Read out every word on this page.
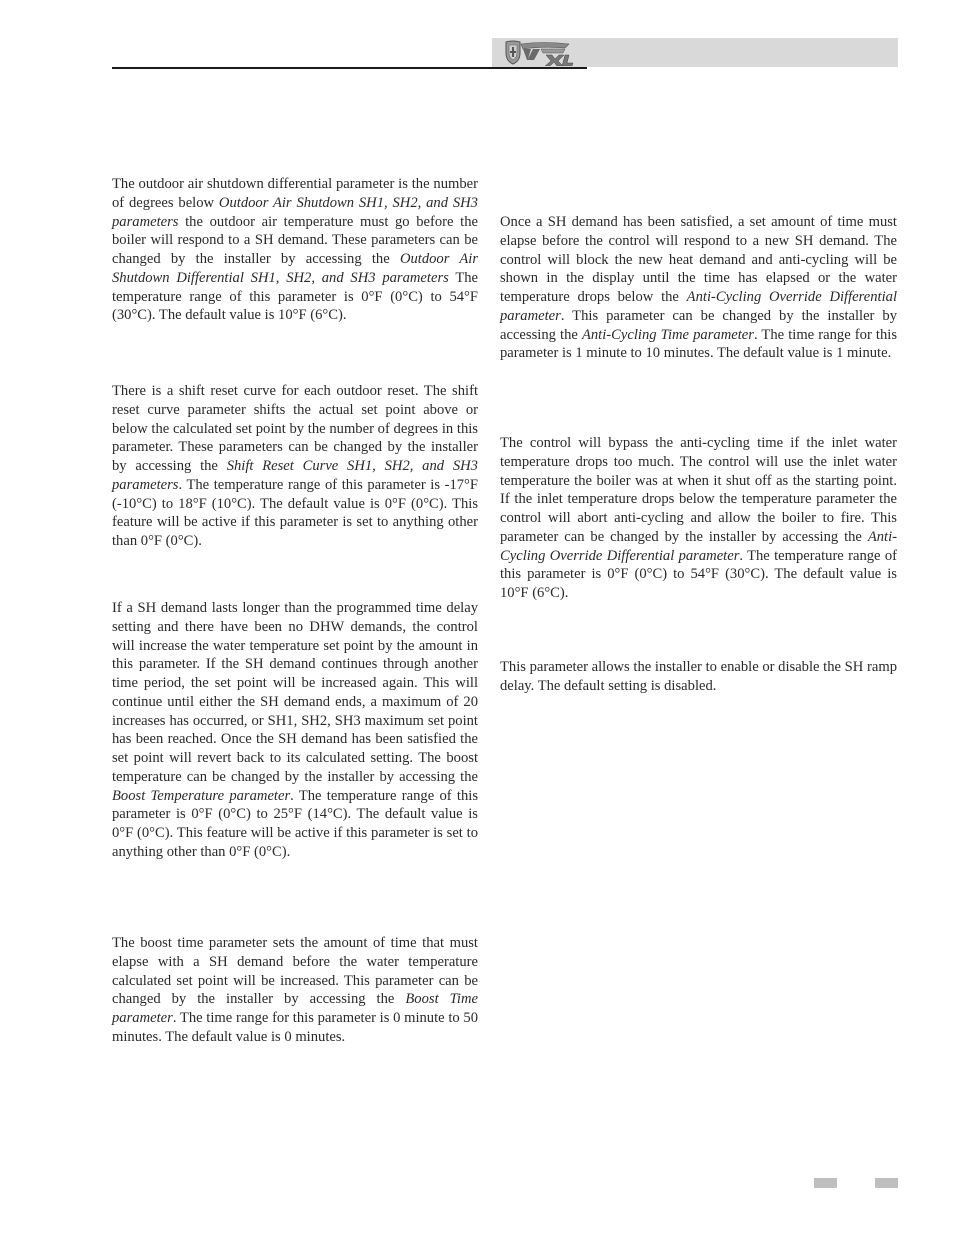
The outdoor air shutdown differential parameter is the number of degrees below Outdoor Air Shutdown SH1, SH2, and SH3 parameters the outdoor air temperature must go before the boiler will respond to a SH demand. These parameters can be changed by the installer by accessing the Outdoor Air Shutdown Differential SH1, SH2, and SH3 parameters The temperature range of this parameter is 0°F (0°C) to 54°F (30°C). The default value is 10°F (6°C).

There is a shift reset curve for each outdoor reset. The shift reset curve parameter shifts the actual set point above or below the calculated set point by the number of degrees in this parameter. These parameters can be changed by the installer by accessing the Shift Reset Curve SH1, SH2, and SH3 parameters. The temperature range of this parameter is -17°F (-10°C) to 18°F (10°C). The default value is 0°F (0°C). This feature will be active if this parameter is set to anything other than 0°F (0°C).

If a SH demand lasts longer than the programmed time delay setting and there have been no DHW demands, the control will increase the water temperature set point by the amount in this parameter. If the SH demand continues through another time period, the set point will be increased again. This will continue until either the SH demand ends, a maximum of 20 increases has occurred, or SH1, SH2, SH3 maximum set point has been reached. Once the SH demand has been satisfied the set point will revert back to its calculated setting. The boost temperature can be changed by the installer by accessing the Boost Temperature parameter. The temperature range of this parameter is 0°F (0°C) to 25°F (14°C). The default value is 0°F (0°C). This feature will be active if this parameter is set to anything other than 0°F (0°C).

The boost time parameter sets the amount of time that must elapse with a SH demand before the water temperature calculated set point will be increased. This parameter can be changed by the installer by accessing the Boost Time parameter. The time range for this parameter is 0 minute to 50 minutes. The default value is 0 minutes.

Once a SH demand has been satisfied, a set amount of time must elapse before the control will respond to a new SH demand. The control will block the new heat demand and anti-cycling will be shown in the display until the time has elapsed or the water temperature drops below the Anti-Cycling Override Differential parameter. This parameter can be changed by the installer by accessing the Anti-Cycling Time parameter. The time range for this parameter is 1 minute to 10 minutes. The default value is 1 minute.

The control will bypass the anti-cycling time if the inlet water temperature drops too much. The control will use the inlet water temperature the boiler was at when it shut off as the starting point. If the inlet temperature drops below the temperature parameter the control will abort anti-cycling and allow the boiler to fire. This parameter can be changed by the installer by accessing the Anti-Cycling Override Differential parameter. The temperature range of this parameter is 0°F (0°C) to 54°F (30°C). The default value is 10°F (6°C).

This parameter allows the installer to enable or disable the SH ramp delay. The default setting is disabled.
